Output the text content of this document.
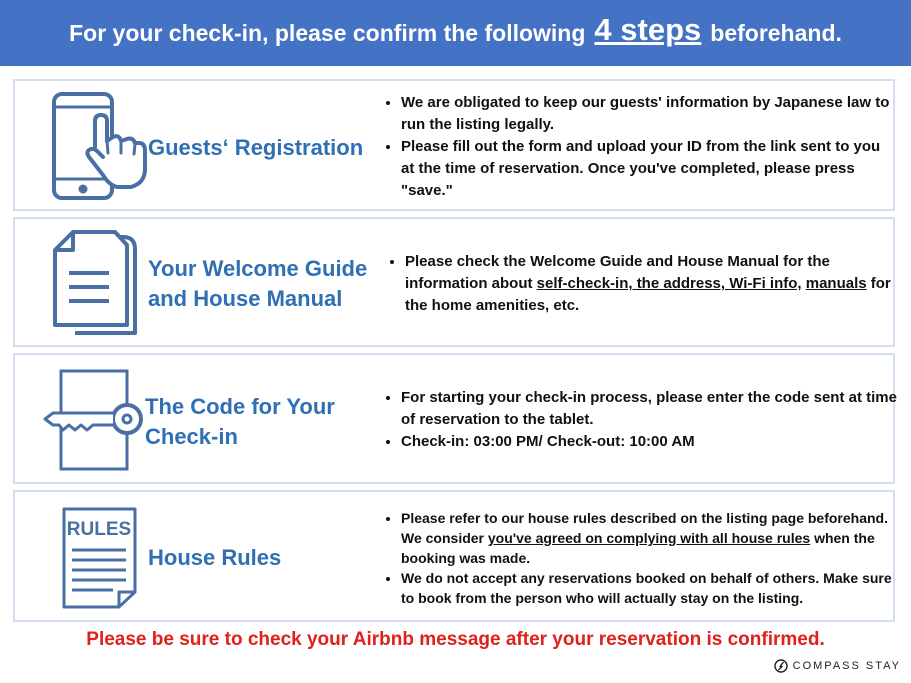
For your check-in, please confirm the following 4 steps beforehand.
Guests‘ Registration
• We are obligated to keep our guests' information by Japanese law to run the listing legally.
• Please fill out the form and upload your ID from the link sent to you at the time of reservation. Once you've completed, please press "save."
Your Welcome Guide
and House Manual
• Please check the Welcome Guide and House Manual for the information about self-check-in, the address, Wi-Fi info, manuals for the home amenities, etc.
The Code for Your
Check-in
• For starting your check-in process, please enter the code sent at time of reservation to the tablet.
• Check-in: 03:00 PM/ Check-out: 10:00 AM
RULES
House Rules
• Please refer to our house rules described on the listing page beforehand. We consider you've agreed on complying with all house rules when the booking was made.
• We do not accept any reservations booked on behalf of others. Make sure to book from the person who will actually stay on the listing.
Please be sure to check your Airbnb message after your reservation is confirmed.
COMPASS STAY
